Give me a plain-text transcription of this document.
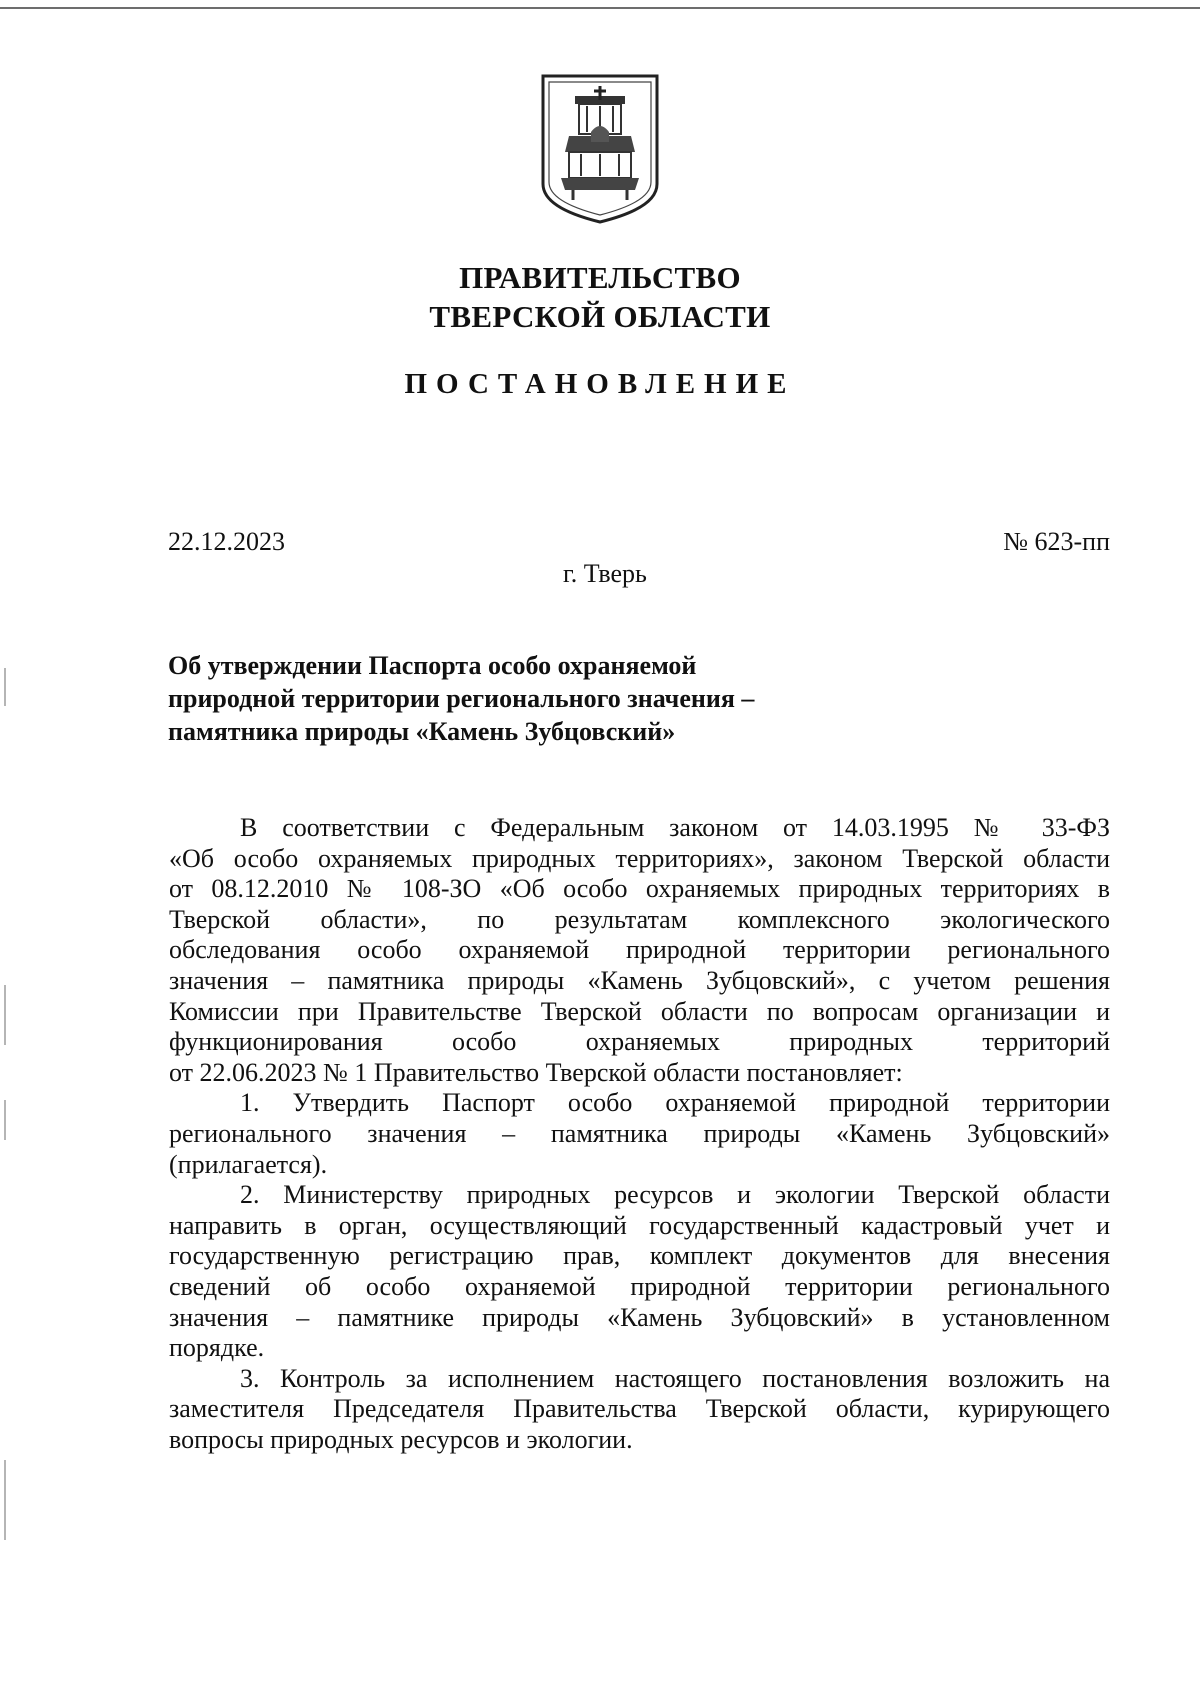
ПРАВИТЕЛЬСТВО
ТВЕРСКОЙ ОБЛАСТИ
ПОСТАНОВЛЕНИЕ
22.12.2023	№ 623-пп
г. Тверь
Об утверждении Паспорта особо охраняемой
природной территории регионального значения –
памятника природы «Камень Зубцовский»
В соответствии с Федеральным законом от 14.03.1995 № 33-ФЗ
«Об особо охраняемых природных территориях», законом Тверской области
от 08.12.2010 № 108-ЗО «Об особо охраняемых природных территориях в
Тверской области», по результатам комплексного экологического
обследования особо охраняемой природной территории регионального
значения – памятника природы «Камень Зубцовский», с учетом решения
Комиссии при Правительстве Тверской области по вопросам организации и
функционирования особо охраняемых природных территорий
от 22.06.2023 № 1 Правительство Тверской области постановляет:
1. Утвердить Паспорт особо охраняемой природной территории
регионального значения – памятника природы «Камень Зубцовский»
(прилагается).
2. Министерству природных ресурсов и экологии Тверской области
направить в орган, осуществляющий государственный кадастровый учет и
государственную регистрацию прав, комплект документов для внесения
сведений об особо охраняемой природной территории регионального
значения – памятнике природы «Камень Зубцовский» в установленном
порядке.
3. Контроль за исполнением настоящего постановления возложить на
заместителя Председателя Правительства Тверской области, курирующего
вопросы природных ресурсов и экологии.
